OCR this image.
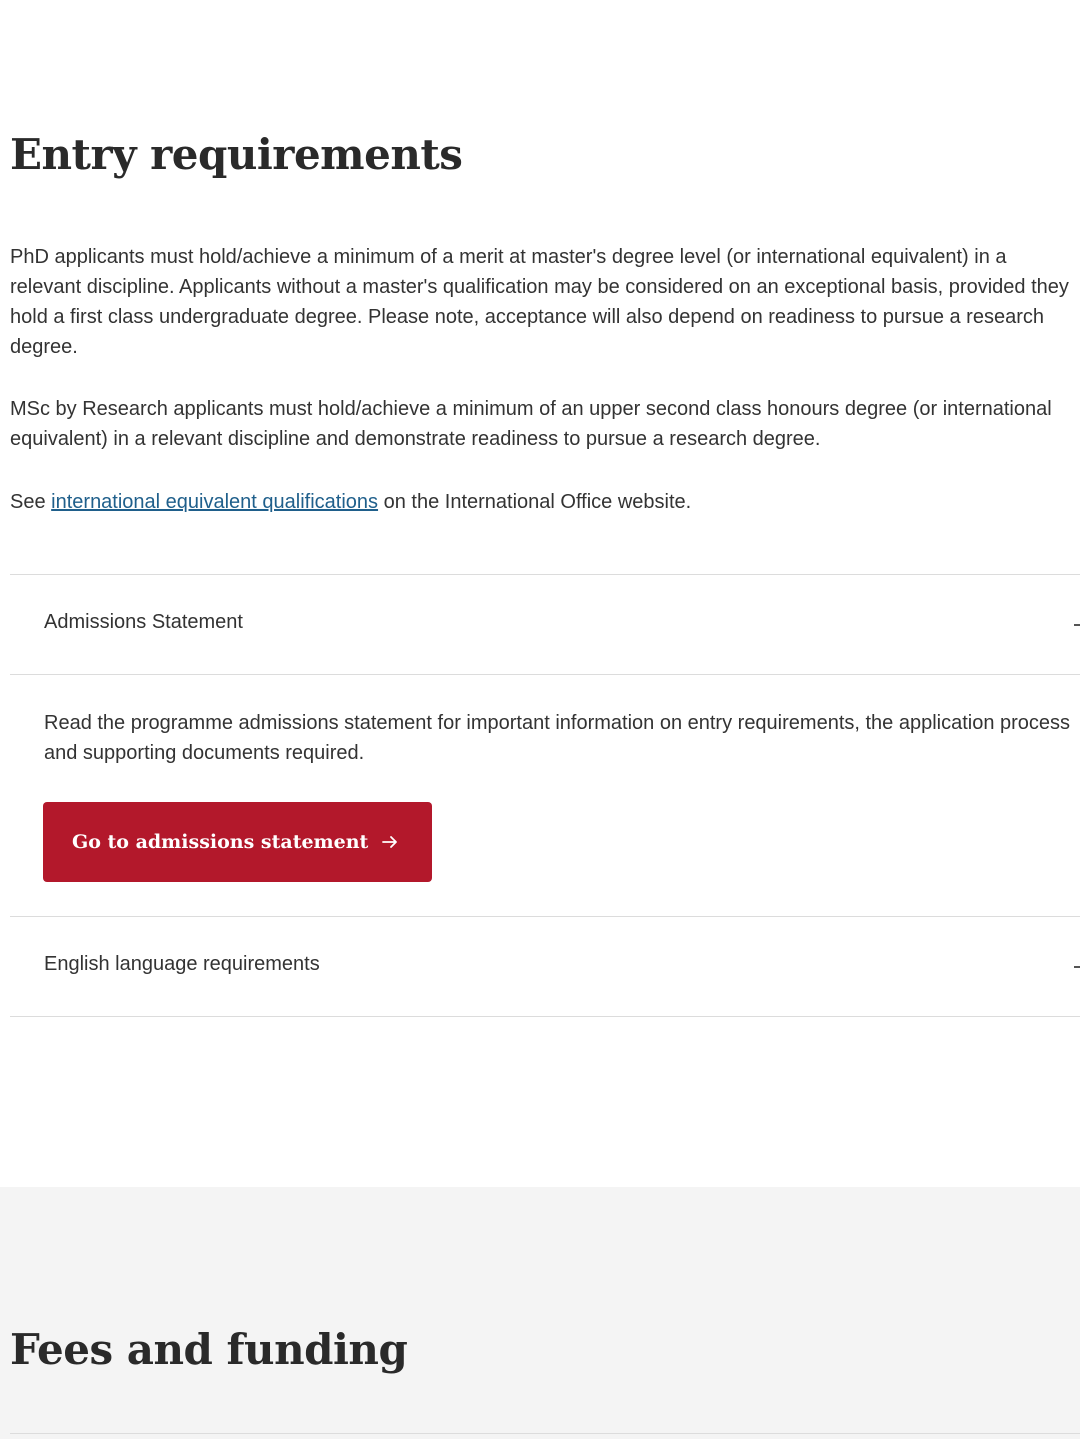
Entry requirements

PhD applicants must hold/achieve a minimum of a merit at master's degree level (or international equivalent) in a
relevant discipline. Applicants without a master's qualification may be considered on an exceptional basis, provided they
hold a first class undergraduate degree. Please note, acceptance will also depend on readiness to pursue a research
degree.

MSc by Research applicants must hold/achieve a minimum of an upper second class honours degree (or international
equivalent) in a relevant discipline and demonstrate readiness to pursue a research degree.

See international equivalent qualifications on the International Office website.

Admissions Statement

Read the programme admissions statement for important information on entry requirements, the application process and supporting documents required.

Go to admissions statement
English language requirements
Fees and funding
